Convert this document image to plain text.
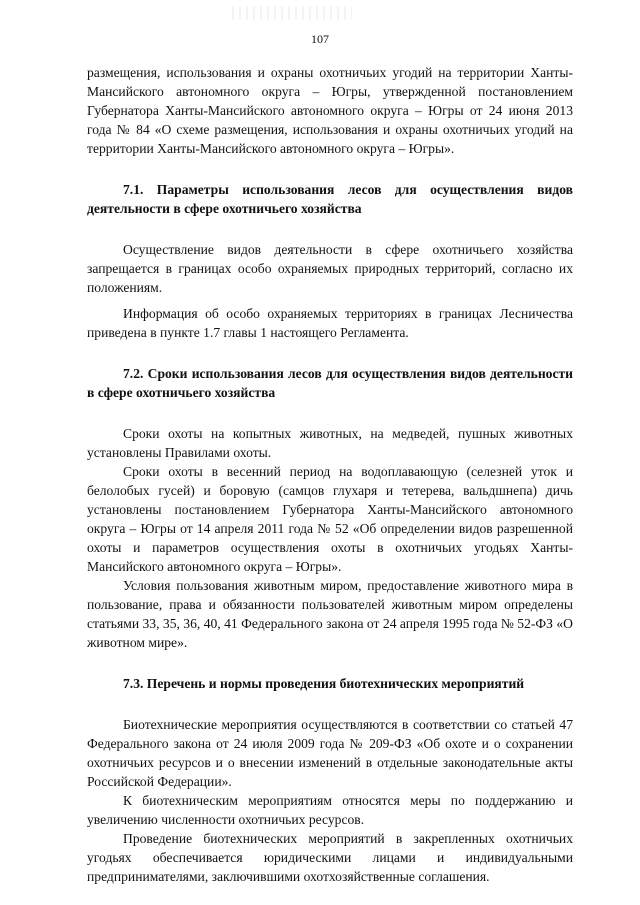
107

размещения, использования и охраны охотничьих угодий на территории Ханты-Мансийского автономного округа – Югры, утвержденной постановлением Губернатора Ханты-Мансийского автономного округа – Югры от 24 июня 2013 года № 84 «О схеме размещения, использования и охраны охотничьих угодий на территории Ханты-Мансийского автономного округа – Югры».

7.1. Параметры использования лесов для осуществления видов деятельности в сфере охотничьего хозяйства

Осуществление видов деятельности в сфере охотничьего хозяйства запрещается в границах особо охраняемых природных территорий, согласно их положениям.

Информация об особо охраняемых территориях в границах Лесничества приведена в пункте 1.7 главы 1 настоящего Регламента.

7.2. Сроки использования лесов для осуществления видов деятельности в сфере охотничьего хозяйства

Сроки охоты на копытных животных, на медведей, пушных животных установлены Правилами охоты.

Сроки охоты в весенний период на водоплавающую (селезней уток и белолобых гусей) и боровую (самцов глухаря и тетерева, вальдшнепа) дичь установлены постановлением Губернатора Ханты-Мансийского автономного округа – Югры от 14 апреля 2011 года № 52 «Об определении видов разрешенной охоты и параметров осуществления охоты в охотничьих угодьях Ханты-Мансийского автономного округа – Югры».

Условия пользования животным миром, предоставление животного мира в пользование, права и обязанности пользователей животным миром определены статьями 33, 35, 36, 40, 41 Федерального закона от 24 апреля 1995 года № 52-ФЗ «О животном мире».

7.3. Перечень и нормы проведения биотехнических мероприятий

Биотехнические мероприятия осуществляются в соответствии со статьей 47 Федерального закона от 24 июля 2009 года № 209-ФЗ «Об охоте и о сохранении охотничьих ресурсов и о внесении изменений в отдельные законодательные акты Российской Федерации».

К биотехническим мероприятиям относятся меры по поддержанию и увеличению численности охотничьих ресурсов.

Проведение биотехнических мероприятий в закрепленных охотничьих угодьях обеспечивается юридическими лицами и индивидуальными предпринимателями, заключившими охотхозяйственные соглашения.
